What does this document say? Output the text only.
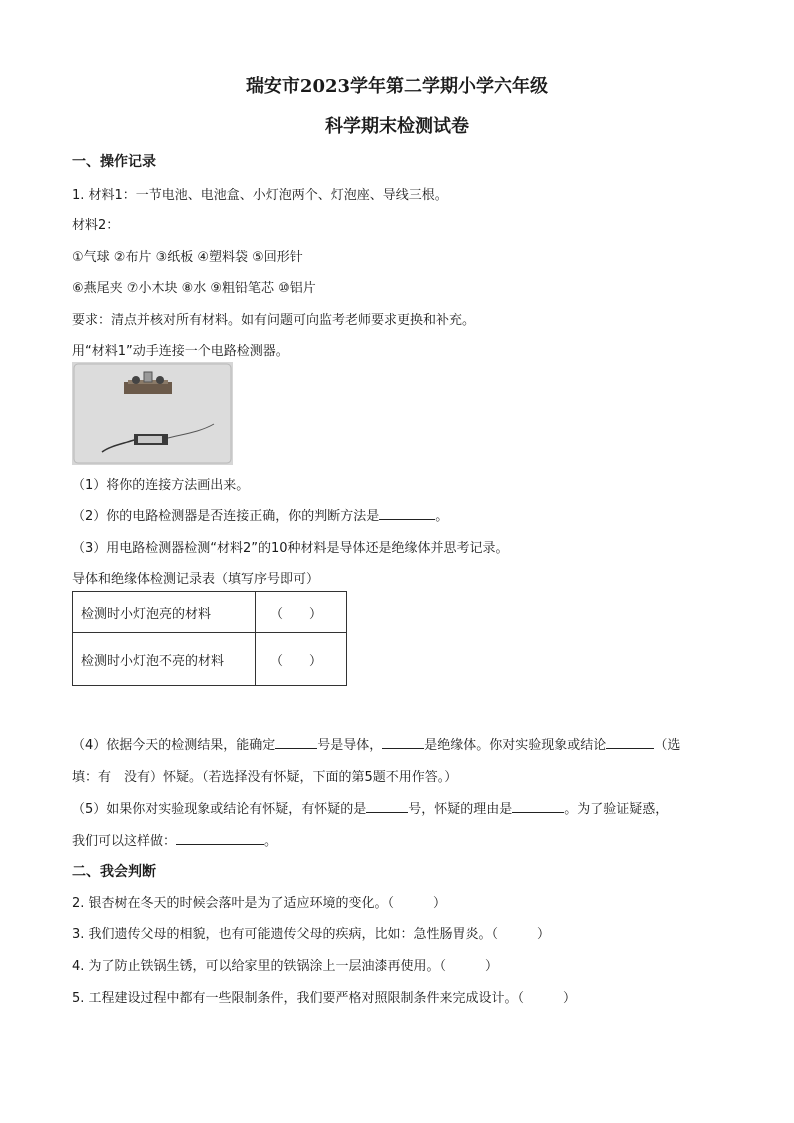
瑞安市2023学年第二学期小学六年级
科学期末检测试卷
一、操作记录
1. 材料1：一节电池、电池盒、小灯泡两个、灯泡座、导线三根。
材料2：
①气球 ②布片 ③纸板 ④塑料袋 ⑤回形针
⑥燕尾夹 ⑦小木块 ⑧水 ⑨粗铅笔芯 ⑩铝片
要求：清点并核对所有材料。如有问题可向监考老师要求更换和补充。
用“材料1”动手连接一个电路检测器。
（1）将你的连接方法画出来。
（2）你的电路检测器是否连接正确，你的判断方法是	。
（3）用电路检测器检测“材料2”的10种材料是导体还是绝缘体并思考记录。
导体和绝缘体检测记录表（填写序号即可）
检测时小灯泡亮的材料	（　　）
检测时小灯泡不亮的材料	（　　）
（4）依据今天的检测结果，能确定	号是导体，	是绝缘体。你对实验现象或结论	（选
填：有　没有）怀疑。（若选择没有怀疑，下面的第5题不用作答。）
（5）如果你对实验现象或结论有怀疑，有怀疑的是	号，怀疑的理由是	。为了验证疑惑，
我们可以这样做：	。
二、我会判断
2. 银杏树在冬天的时候会落叶是为了适应环境的变化。（　　　）
3. 我们遗传父母的相貌，也有可能遗传父母的疾病，比如：急性肠胃炎。（　　　）
4. 为了防止铁锅生锈，可以给家里的铁锅涂上一层油漆再使用。（　　　）
5. 工程建设过程中都有一些限制条件，我们要严格对照限制条件来完成设计。（　　　）
